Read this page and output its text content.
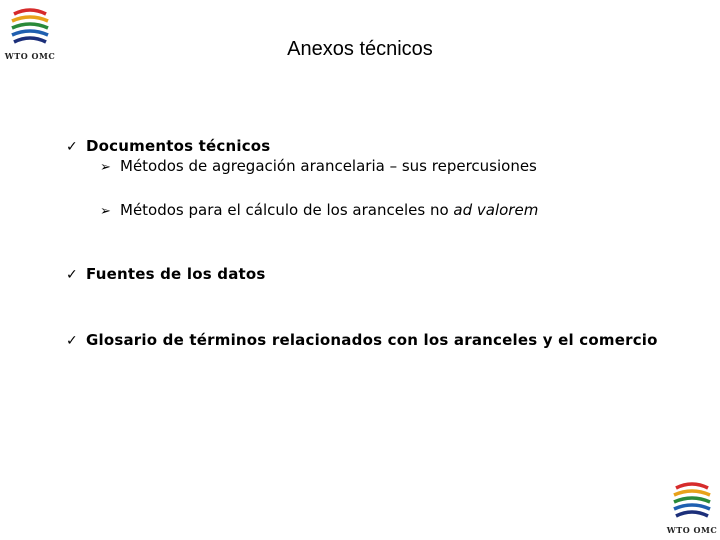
WTO OMC	Anexos técnicos
✓ Documentos técnicos
➢ Métodos de agregación arancelaria – sus repercusiones
➢ Métodos para el cálculo de los aranceles no ad valorem
✓ Fuentes de los datos
✓ Glosario de términos relacionados con los aranceles y el comercio
WTO OMC
